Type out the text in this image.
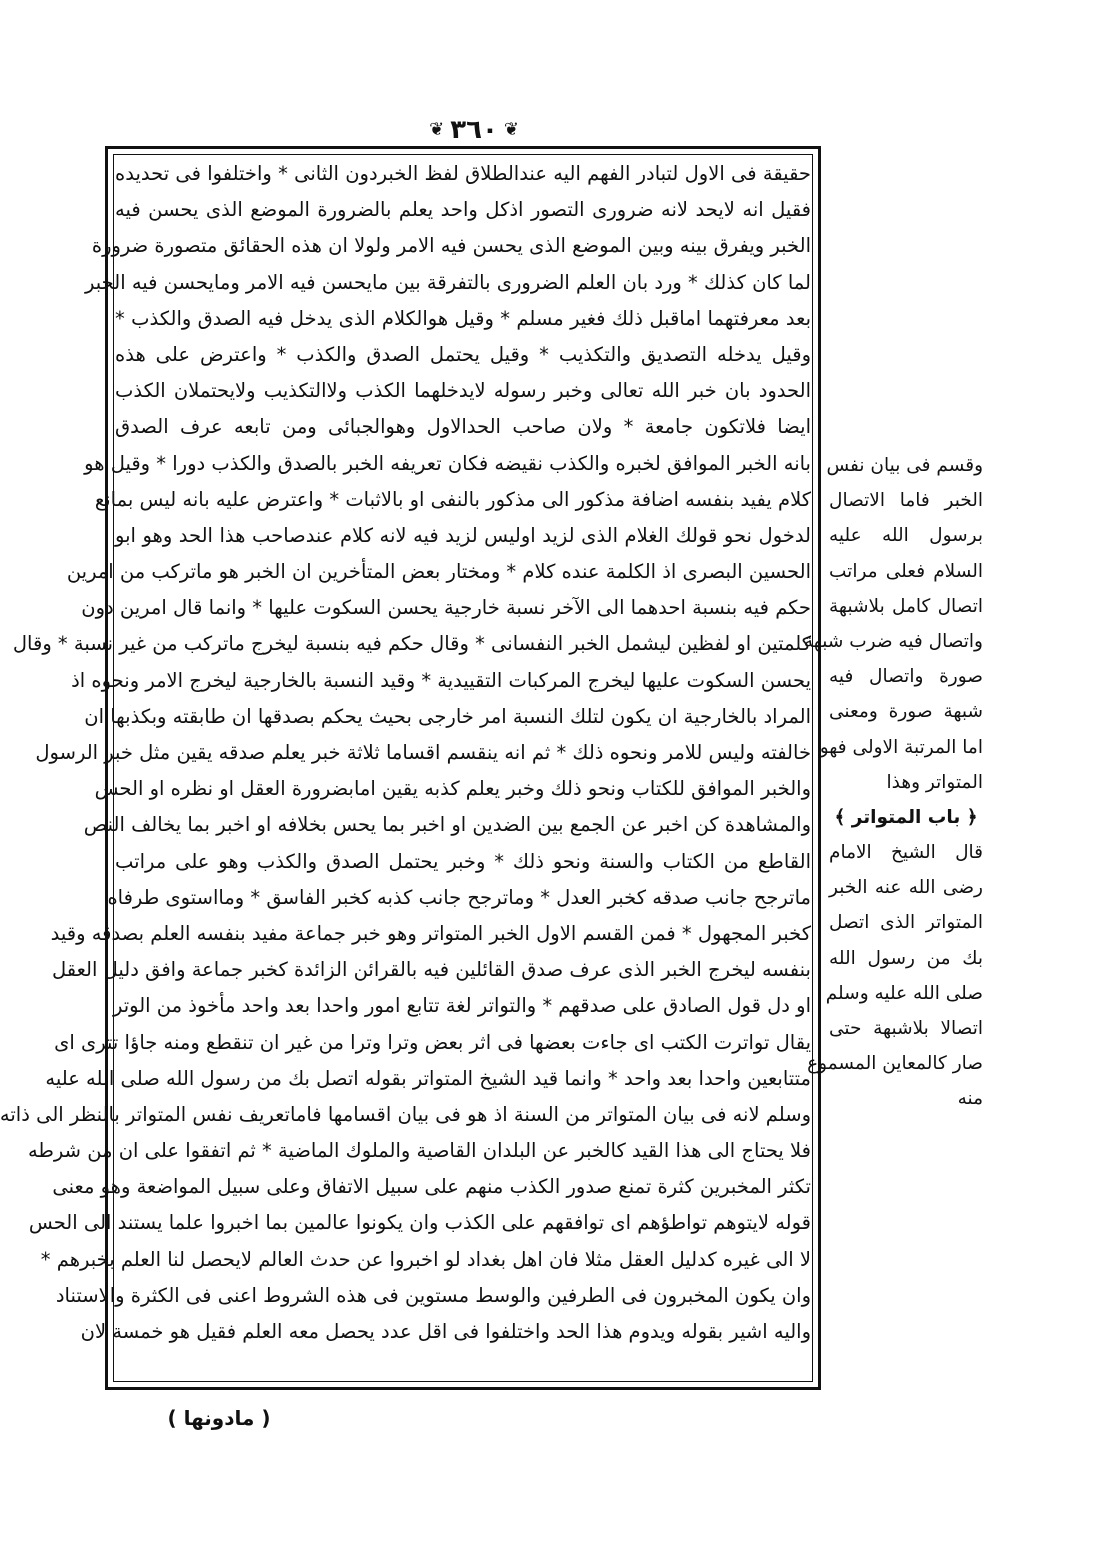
❦
٣٦٠
❦
حقيقة فى الاول لتبادر الفهم اليه عندالطلاق لفظ الخبردون الثانى * واختلفوا فى تحديده
فقيل انه لايحد لانه ضرورى التصور اذكل واحد يعلم بالضرورة الموضع الذى يحسن فيه
الخبر ويفرق بينه وبين الموضع الذى يحسن فيه الامر ولولا ان هذه الحقائق متصورة ضرورة
لما كان كذلك * ورد بان العلم الضرورى بالتفرقة بين مايحسن فيه الامر ومايحسن فيه الخبر
بعد معرفتهما اماقبل ذلك فغير مسلم * وقيل هوالكلام الذى يدخل فيه الصدق والكذب *
وقيل يدخله التصديق والتكذيب * وقيل يحتمل الصدق والكذب * واعترض على هذه
الحدود بان خبر الله تعالى وخبر رسوله لايدخلهما الكذب ولاالتكذيب ولايحتملان الكذب
ايضا فلاتكون جامعة * ولان صاحب الحدالاول وهوالجبائى ومن تابعه عرف الصدق
بانه الخبر الموافق لخبره والكذب نقيضه فكان تعريفه الخبر بالصدق والكذب دورا * وقيل هو
كلام يفيد بنفسه اضافة مذكور الى مذكور بالنفى او بالاثبات * واعترض عليه بانه ليس بمانع
لدخول نحو قولك الغلام الذى لزيد اوليس لزيد فيه لانه كلام عندصاحب هذا الحد وهو ابو
الحسين البصرى اذ الكلمة عنده كلام * ومختار بعض المتأخرين ان الخبر هو ماتركب من امرين
حكم فيه بنسبة احدهما الى الآخر نسبة خارجية يحسن السكوت عليها * وانما قال امرين دون
كلمتين او لفظين ليشمل الخبر النفسانى * وقال حكم فيه بنسبة ليخرج ماتركب من غير نسبة * وقال
يحسن السكوت عليها ليخرج المركبات التقييدية * وقيد النسبة بالخارجية ليخرج الامر ونحوه اذ
المراد بالخارجية ان يكون لتلك النسبة امر خارجى بحيث يحكم بصدقها ان طابقته وبكذبها ان
خالفته وليس للامر ونحوه ذلك * ثم انه ينقسم اقساما ثلاثة خبر يعلم صدقه يقين مثل خبر الرسول
والخبر الموافق للكتاب ونحو ذلك وخبر يعلم كذبه يقين امابضرورة العقل او نظره او الحس
والمشاهدة كن اخبر عن الجمع بين الضدين او اخبر بما يحس بخلافه او اخبر بما يخالف النص
القاطع من الكتاب والسنة ونحو ذلك * وخبر يحتمل الصدق والكذب وهو على مراتب
ماترجح جانب صدقه كخبر العدل * وماترجح جانب كذبه كخبر الفاسق * ومااستوى طرفاه
كخبر المجهول * فمن القسم الاول الخبر المتواتر وهو خبر جماعة مفيد بنفسه العلم بصدقه وقيد
بنفسه ليخرج الخبر الذى عرف صدق القائلين فيه بالقرائن الزائدة كخبر جماعة وافق دليل العقل
او دل قول الصادق على صدقهم * والتواتر لغة تتابع امور واحدا بعد واحد مأخوذ من الوتر
يقال تواترت الكتب اى جاءت بعضها فى اثر بعض وترا وترا من غير ان تنقطع ومنه جاؤا تترى اى
متتابعين واحدا بعد واحد * وانما قيد الشيخ المتواتر بقوله اتصل بك من رسول الله صلى الله عليه
وسلم لانه فى بيان المتواتر من السنة اذ هو فى بيان اقسامها فاماتعريف نفس المتواتر بالنظر الى ذاته
فلا يحتاج الى هذا القيد كالخبر عن البلدان القاصية والملوك الماضية * ثم اتفقوا على ان من شرطه
تكثر المخبرين كثرة تمنع صدور الكذب منهم على سبيل الاتفاق وعلى سبيل المواضعة وهو معنى
قوله لايتوهم تواطؤهم اى توافقهم على الكذب وان يكونوا عالمين بما اخبروا علما يستند الى الحس
لا الى غيره كدليل العقل مثلا فان اهل بغداد لو اخبروا عن حدث العالم لايحصل لنا العلم بخبرهم *
وان يكون المخبرون فى الطرفين والوسط مستوين فى هذه الشروط اعنى فى الكثرة والاستناد
واليه اشير بقوله ويدوم هذا الحد واختلفوا فى اقل عدد يحصل معه العلم فقيل هو خمسة لان
وقسم فى بيان نفس
الخبر فاما الاتصال
برسول الله عليه
السلام فعلى مراتب
اتصال كامل بلاشبهة
واتصال فيه ضرب شبهة
صورة واتصال فيه
شبهة صورة ومعنى
اما المرتبة الاولى فهو
المتواتر وهذا
﴿ باب المتواتر ﴾
قال الشيخ الامام
رضى الله عنه الخبر
المتواتر الذى اتصل
بك من رسول الله
صلى الله عليه وسلم
اتصالا بلاشبهة حتى
صار كالمعاين المسموع
منه
( مادونها )
